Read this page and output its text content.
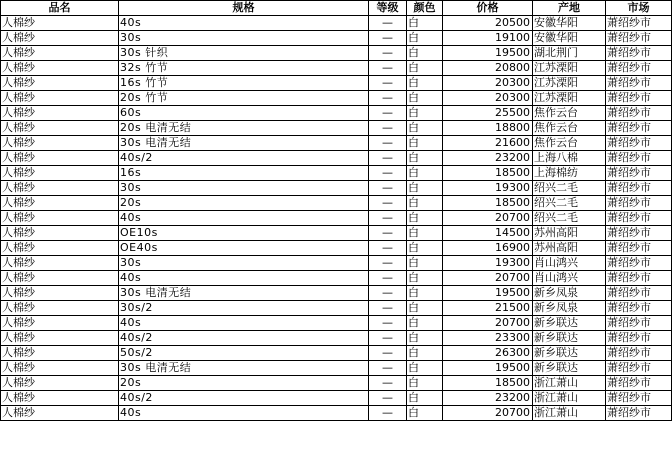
品名	规格	等级	颜色	价格	产地	市场
人棉纱	40s	—	白	20500	安徽华阳	萧绍纱市
人棉纱	30s	—	白	19100	安徽华阳	萧绍纱市
人棉纱	30s 针织	—	白	19500	湖北荆门	萧绍纱市
人棉纱	32s 竹节	—	白	20800	江苏溧阳	萧绍纱市
人棉纱	16s 竹节	—	白	20300	江苏溧阳	萧绍纱市
人棉纱	20s 竹节	—	白	20300	江苏溧阳	萧绍纱市
人棉纱	60s	—	白	25500	焦作云台	萧绍纱市
人棉纱	20s 电清无结	—	白	18800	焦作云台	萧绍纱市
人棉纱	30s 电清无结	—	白	21600	焦作云台	萧绍纱市
人棉纱	40s/2	—	白	23200	上海八棉	萧绍纱市
人棉纱	16s	—	白	18500	上海棉纺	萧绍纱市
人棉纱	30s	—	白	19300	绍兴二毛	萧绍纱市
人棉纱	20s	—	白	18500	绍兴二毛	萧绍纱市
人棉纱	40s	—	白	20700	绍兴二毛	萧绍纱市
人棉纱	OE10s	—	白	14500	苏州高阳	萧绍纱市
人棉纱	OE40s	—	白	16900	苏州高阳	萧绍纱市
人棉纱	30s	—	白	19300	肖山鸿兴	萧绍纱市
人棉纱	40s	—	白	20700	肖山鸿兴	萧绍纱市
人棉纱	30s 电清无结	—	白	19500	新乡凤泉	萧绍纱市
人棉纱	30s/2	—	白	21500	新乡凤泉	萧绍纱市
人棉纱	40s	—	白	20700	新乡联达	萧绍纱市
人棉纱	40s/2	—	白	23300	新乡联达	萧绍纱市
人棉纱	50s/2	—	白	26300	新乡联达	萧绍纱市
人棉纱	30s 电清无结	—	白	19500	新乡联达	萧绍纱市
人棉纱	20s	—	白	18500	浙江萧山	萧绍纱市
人棉纱	40s/2	—	白	23200	浙江萧山	萧绍纱市
人棉纱	40s	—	白	20700	浙江萧山	萧绍纱市
